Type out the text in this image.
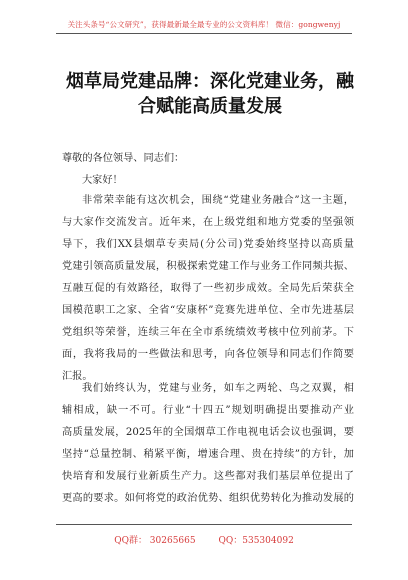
关注头条号“公文研究”，获得最新最全最专业的公文资料库！ 微信：gongwenyj
烟草局党建品牌：深化党建业务，融
合赋能高质量发展
尊敬的各位领导、同志们：
大家好！
非常荣幸能有这次机会，围绕“党建业务融合”这一主题，
与大家作交流发言。近年来，在上级党组和地方党委的坚强领
导下，我们XX县烟草专卖局(分公司)党委始终坚持以高质量
党建引领高质量发展，积极探索党建工作与业务工作同频共振、
互融互促的有效路径，取得了一些初步成效。全局先后荣获全
国模范职工之家、全省“安康杯”竞赛先进单位、全市先进基层
党组织等荣誉，连续三年在全市系统绩效考核中位列前茅。下
面，我将我局的一些做法和思考，向各位领导和同志们作简要
汇报。
我们始终认为，党建与业务，如车之两轮、鸟之双翼，相
辅相成，缺一不可。行业“十四五”规划明确提出要推动产业
高质量发展，2025年的全国烟草工作电视电话会议也强调，要
坚持“总量控制、稍紧平衡，增速合理、贵在持续”的方针，加
快培育和发展行业新质生产力。这些都对我们基层单位提出了
更高的要求。如何将党的政治优势、组织优势转化为推动发展的
QQ群： 30265665	QQ：535304092
